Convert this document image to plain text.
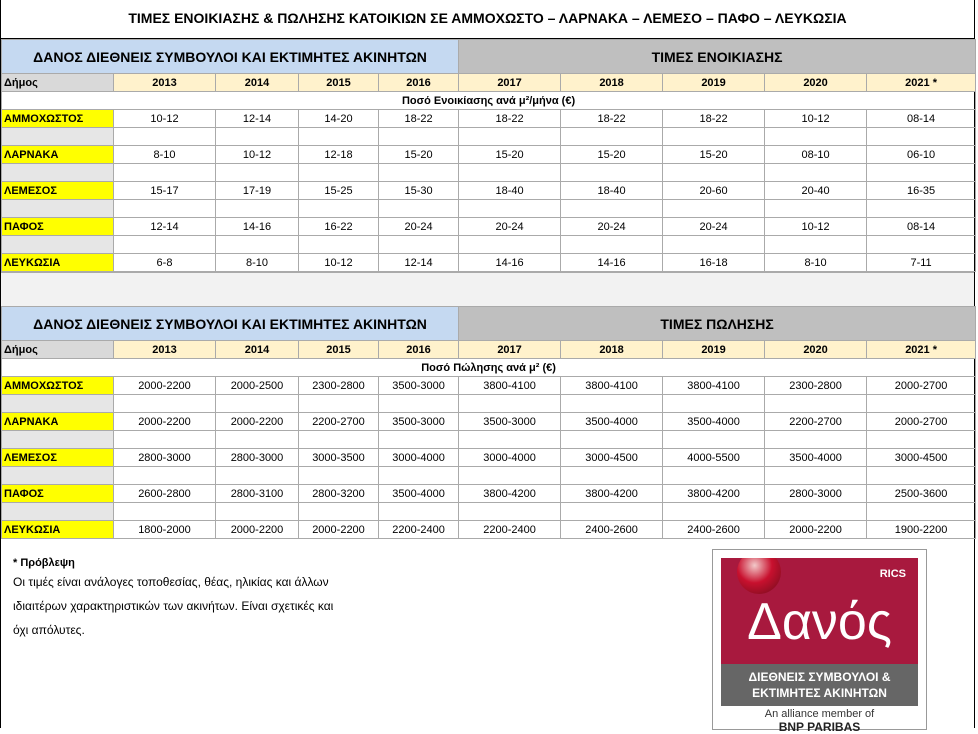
ΤΙΜΕΣ ΕΝΟΙΚΙΑΣΗΣ & ΠΩΛΗΣΗΣ ΚΑΤΟΙΚΙΩΝ ΣΕ ΑΜΜΟΧΩΣΤΟ – ΛΑΡΝΑΚΑ – ΛΕΜΕΣΟ – ΠΑΦΟ – ΛΕΥΚΩΣΙΑ
ΔΑΝΟΣ ΔΙΕΘΝΕΙΣ ΣΥΜΒΟΥΛΟΙ ΚΑΙ ΕΚΤΙΜΗΤΕΣ ΑΚΙΝΗΤΩΝ					ΤΙΜΕΣ ΕΝΟΙΚΙΑΣΗΣ				
Δήμος	2013	2014	2015	2016	2017	2018	2019	2020	2021 *
Ποσό Ενοικίασης ανά μ²/μήνα (€)									
ΑΜΜΟΧΩΣΤΟΣ	10-12	12-14	14-20	18-22	18-22	18-22	18-22	10-12	08-14

ΛΑΡΝΑΚΑ	8-10	10-12	12-18	15-20	15-20	15-20	15-20	08-10	06-10

ΛΕΜΕΣΟΣ	15-17	17-19	15-25	15-30	18-40	18-40	20-60	20-40	16-35

ΠΑΦΟΣ	12-14	14-16	16-22	20-24	20-24	20-24	20-24	10-12	08-14

ΛΕΥΚΩΣΙΑ	6-8	8-10	10-12	12-14	14-16	14-16	16-18	8-10	7-11
ΔΑΝΟΣ ΔΙΕΘΝΕΙΣ ΣΥΜΒΟΥΛΟΙ ΚΑΙ ΕΚΤΙΜΗΤΕΣ ΑΚΙΝΗΤΩΝ					ΤΙΜΕΣ ΠΩΛΗΣΗΣ				
Δήμος	2013	2014	2015	2016	2017	2018	2019	2020	2021 *
Ποσό Πώλησης ανά μ² (€)									
ΑΜΜΟΧΩΣΤΟΣ	2000-2200	2000-2500	2300-2800	3500-3000	3800-4100	3800-4100	3800-4100	2300-2800	2000-2700

ΛΑΡΝΑΚΑ	2000-2200	2000-2200	2200-2700	3500-3000	3500-3000	3500-4000	3500-4000	2200-2700	2000-2700

ΛΕΜΕΣΟΣ	2800-3000	2800-3000	3000-3500	3000-4000	3000-4000	3000-4500	4000-5500	3500-4000	3000-4500

ΠΑΦΟΣ	2600-2800	2800-3100	2800-3200	3500-4000	3800-4200	3800-4200	3800-4200	2800-3000	2500-3600

ΛΕΥΚΩΣΙΑ	1800-2000	2000-2200	2000-2200	2200-2400	2200-2400	2400-2600	2400-2600	2000-2200	1900-2200
* Πρόβλεψη
Οι τιμές είναι ανάλογες τοποθεσίας, θέας, ηλικίας και άλλων
ιδιαιτέρων χαρακτηριστικών των ακινήτων. Είναι σχετικές και
όχι απόλυτες.
RICS
Δανός
ΔΙΕΘΝΕΙΣ ΣΥΜΒΟΥΛΟΙ &
ΕΚΤΙΜΗΤΕΣ ΑΚΙΝΗΤΩΝ
An alliance member of
BNP PARIBAS
